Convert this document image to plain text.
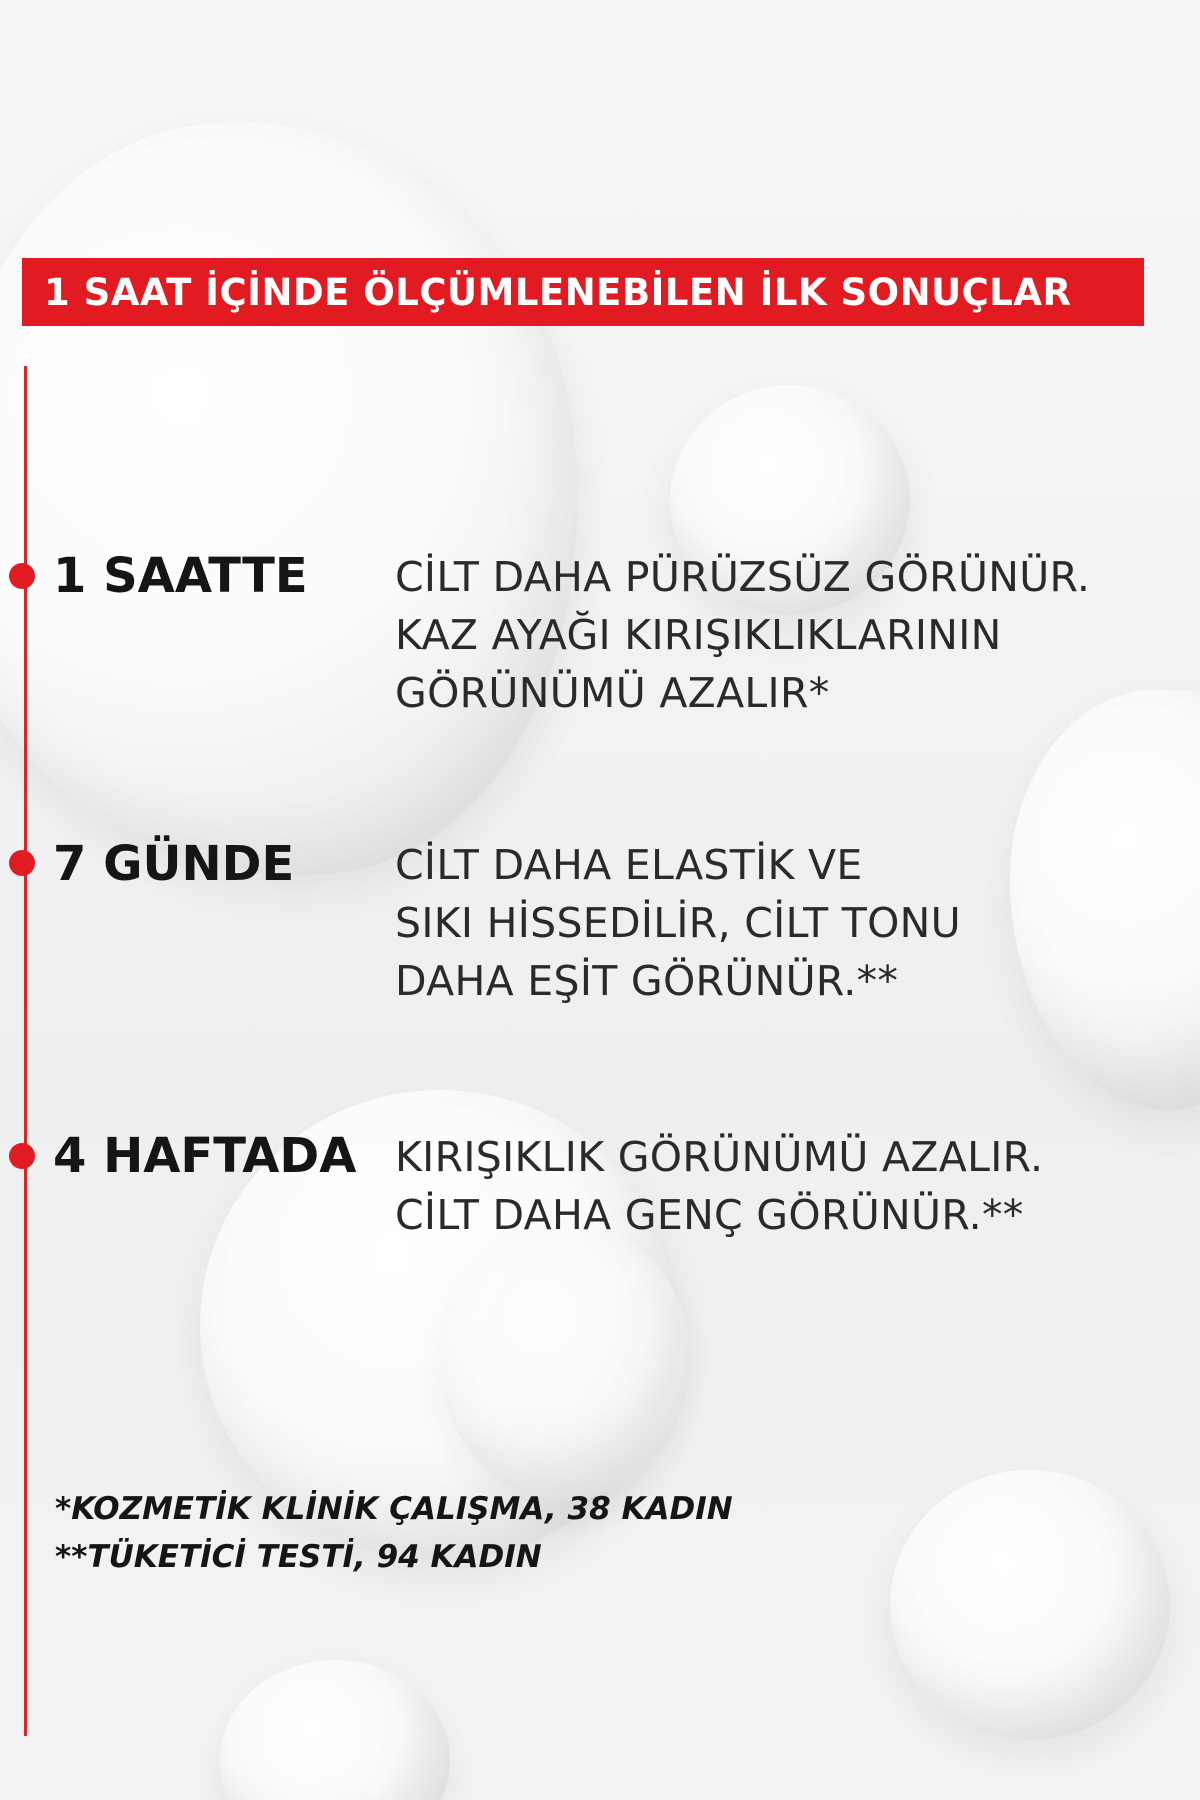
1 SAAT İÇİNDE ÖLÇÜMLENEBİLEN İLK SONUÇLAR
1 SAATTE CİLT DAHA PÜRÜZSÜZ GÖRÜNÜR.
KAZ AYAĞI KIRIŞIKLIKLARININ
GÖRÜNÜMÜ AZALIR*
7 GÜNDE CİLT DAHA ELASTİK VE
SIKI HİSSEDİLİR, CİLT TONU
DAHA EŞİT GÖRÜNÜR.**
4 HAFTADA KIRIŞIKLIK GÖRÜNÜMÜ AZALIR.
CİLT DAHA GENÇ GÖRÜNÜR.**
*KOZMETİK KLİNİK ÇALIŞMA, 38 KADIN
**TÜKETİCİ TESTİ, 94 KADIN
